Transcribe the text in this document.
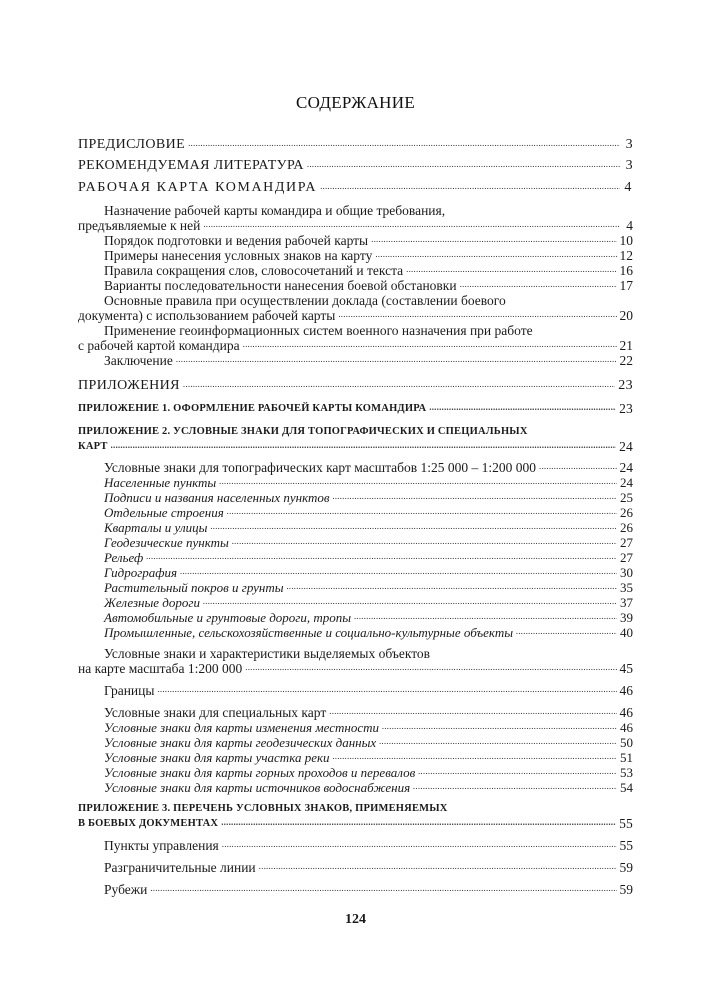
СОДЕРЖАНИЕ
ПРЕДИСЛОВИЕ .....	3
РЕКОМЕНДУЕМАЯ ЛИТЕРАТУРА .....	3
РАБОЧАЯ КАРТА КОМАНДИРА .....	4
Назначение рабочей карты командира и общие требования,
предъявляемые к ней .....	4
Порядок подготовки и ведения рабочей карты .....	10
Примеры нанесения условных знаков на карту .....	12
Правила сокращения слов, словосочетаний и текста .....	16
Варианты последовательности нанесения боевой обстановки .....	17
Основные правила при осуществлении доклада (составлении боевого
документа) с использованием рабочей карты .....	20
Применение геоинформационных систем военного назначения при работе
с рабочей картой командира .....	21
Заключение .....	22
ПРИЛОЖЕНИЯ .....	23
ПРИЛОЖЕНИЕ 1. ОФОРМЛЕНИЕ РАБОЧЕЙ КАРТЫ КОМАНДИРА .....	23
ПРИЛОЖЕНИЕ 2. УСЛОВНЫЕ ЗНАКИ ДЛЯ ТОПОГРАФИЧЕСКИХ И СПЕЦИАЛЬНЫХ
КАРТ .....	24
Условные знаки для топографических карт масштабов 1:25 000 – 1:200 000 .....	24
Населенные пункты .....	24
Подписи и названия населенных пунктов .....	25
Отдельные строения .....	26
Кварталы и улицы .....	26
Геодезические пункты .....	27
Рельеф .....	27
Гидрография .....	30
Растительный покров и грунты .....	35
Железные дороги .....	37
Автомобильные и грунтовые дороги, тропы .....	39
Промышленные, сельскохозяйственные и социально-культурные объекты .....	40
Условные знаки и характеристики выделяемых объектов
на карте масштаба 1:200 000 .....	45
Границы .....	46
Условные знаки для специальных карт .....	46
Условные знаки для карты изменения местности .....	46
Условные знаки для карты геодезических данных .....	50
Условные знаки для карты участка реки .....	51
Условные знаки для карты горных проходов и перевалов .....	53
Условные знаки для карты источников водоснабжения .....	54
ПРИЛОЖЕНИЕ 3. ПЕРЕЧЕНЬ УСЛОВНЫХ ЗНАКОВ, ПРИМЕНЯЕМЫХ
В БОЕВЫХ ДОКУМЕНТАХ .....	55
Пункты управления .....	55
Разграничительные линии .....	59
Рубежи .....	59
124
